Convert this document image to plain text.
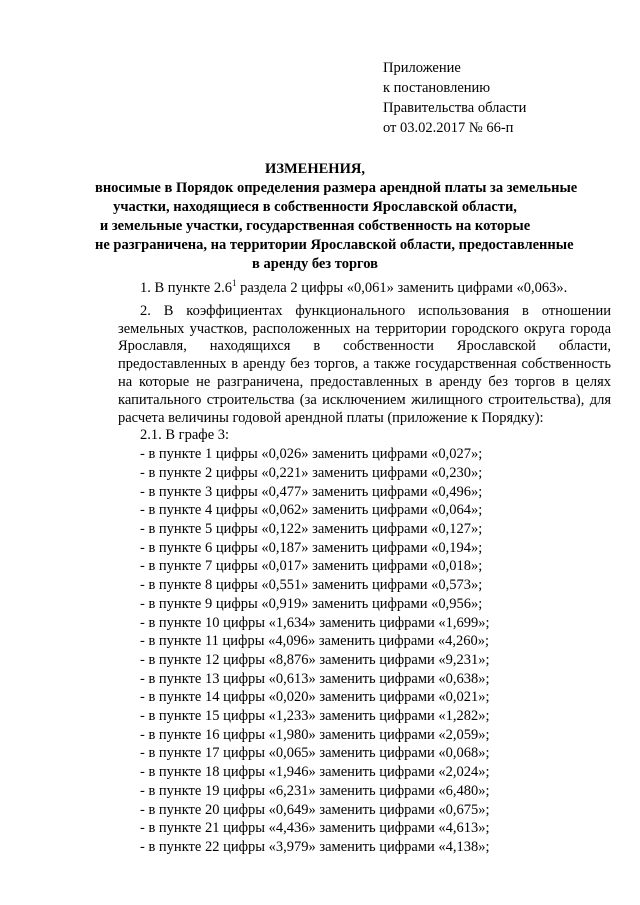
Приложение
к постановлению
Правительства области
от 03.02.2017 № 66-п
ИЗМЕНЕНИЯ,
вносимые в Порядок определения размера арендной платы за земельные
участки, находящиеся в собственности Ярославской области,
и земельные участки, государственная собственность на которые
не разграничена, на территории Ярославской области, предоставленные
в аренду без торгов

1. В пункте $2.6^1$ раздела 2 цифры «0,061» заменить цифрами «0,063».

2. В коэффициентах функционального использования в отношении земельных участков, расположенных на территории городского округа города Ярославля, находящихся в собственности Ярославской области, предоставленных в аренду без торгов, а также государственная собственность на которые не разграничена, предоставленных в аренду без торгов в целях капитального строительства (за исключением жилищного строительства), для расчета величины годовой арендной платы (приложение к Порядку):

2.1. В графе 3:

- в пункте 1 цифры «0,026» заменить цифрами «0,027»;
- в пункте 2 цифры «0,221» заменить цифрами «0,230»;
- в пункте 3 цифры «0,477» заменить цифрами «0,496»;
- в пункте 4 цифры «0,062» заменить цифрами «0,064»;
- в пункте 5 цифры «0,122» заменить цифрами «0,127»;
- в пункте 6 цифры «0,187» заменить цифрами «0,194»;
- в пункте 7 цифры «0,017» заменить цифрами «0,018»;
- в пункте 8 цифры «0,551» заменить цифрами «0,573»;
- в пункте 9 цифры «0,919» заменить цифрами «0,956»;
- в пункте 10 цифры «1,634» заменить цифрами «1,699»;
- в пункте 11 цифры «4,096» заменить цифрами «4,260»;
- в пункте 12 цифры «8,876» заменить цифрами «9,231»;
- в пункте 13 цифры «0,613» заменить цифрами «0,638»;
- в пункте 14 цифры «0,020» заменить цифрами «0,021»;
- в пункте 15 цифры «1,233» заменить цифрами «1,282»;
- в пункте 16 цифры «1,980» заменить цифрами «2,059»;
- в пункте 17 цифры «0,065» заменить цифрами «0,068»;
- в пункте 18 цифры «1,946» заменить цифрами «2,024»;
- в пункте 19 цифры «6,231» заменить цифрами «6,480»;
- в пункте 20 цифры «0,649» заменить цифрами «0,675»;
- в пункте 21 цифры «4,436» заменить цифрами «4,613»;
- в пункте 22 цифры «3,979» заменить цифрами «4,138»;
